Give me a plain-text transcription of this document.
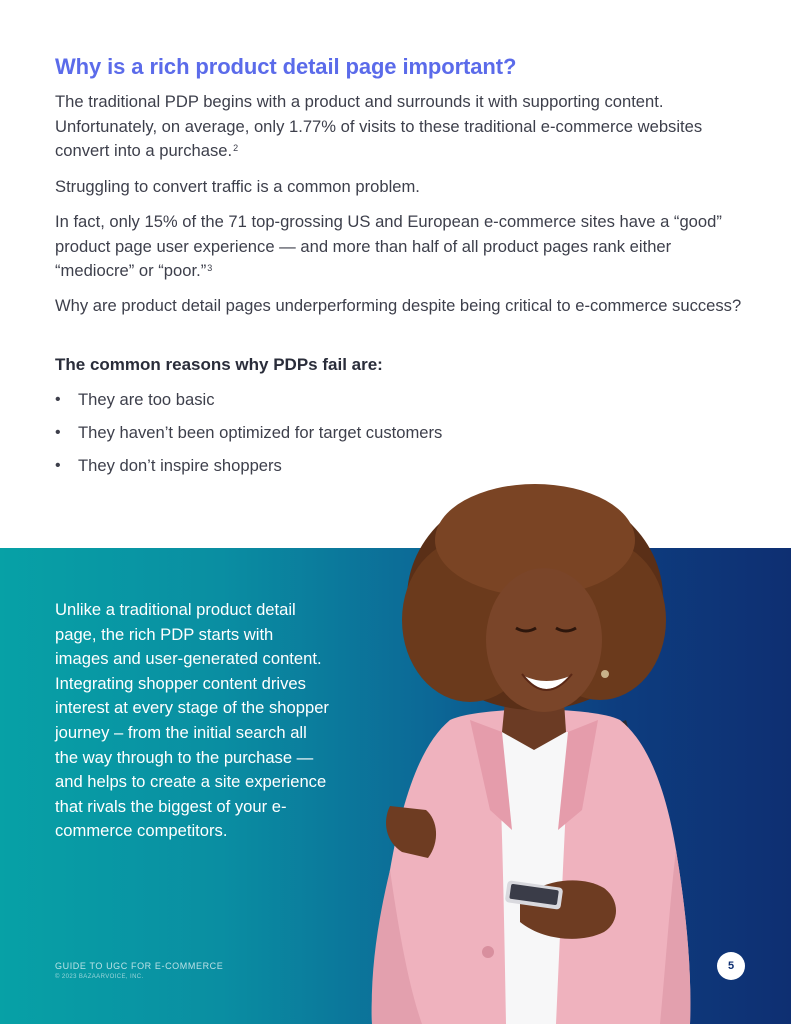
Why is a rich product detail page important?

The traditional PDP begins with a product and surrounds it with supporting content. Unfortunately, on average, only 1.77% of visits to these traditional e-commerce websites convert into a purchase.$^2$

Struggling to convert traffic is a common problem.

In fact, only 15% of the 71 top-grossing US and European e-commerce sites have a “good” product page user experience — and more than half of all product pages rank either “mediocre” or “poor.”$^3$

Why are product detail pages underperforming despite being critical to e-commerce success?

The common reasons why PDPs fail are:
• They are too basic
• They haven’t been optimized for target customers
• They don’t inspire shoppers

Unlike a traditional product detail page, the rich PDP starts with images and user-generated content. Integrating shopper content drives interest at every stage of the shopper journey – from the initial search all the way through to the purchase — and helps to create a site experience that rivals the biggest of your e-commerce competitors.

GUIDE TO UGC FOR E-COMMERCE
© 2023 BAZAARVOICE, INC.
5
